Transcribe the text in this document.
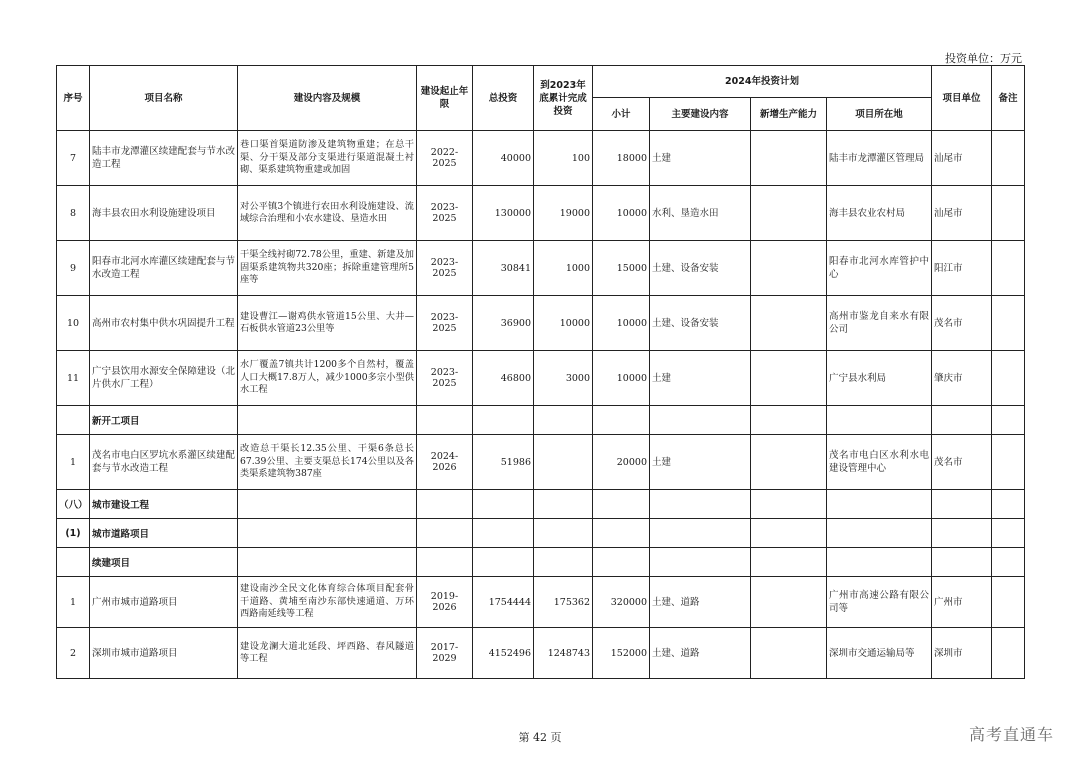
投资单位：万元
序号	项目名称	建设内容及规模	建设起止年限	总投资	到2023年底累计完成投资	2024年投资计划				项目单位	备注
						小计	主要建设内容	新增生产能力	项目所在地		
7	陆丰市龙潭灌区续建配套与节水改造工程	巷口渠首渠道防渗及建筑物重建；在总干渠、分干渠及部分支渠进行渠道混凝土衬砌、渠系建筑物重建或加固	2022-2025	40000	100	18000	土建		陆丰市龙潭灌区管理局	汕尾市	
8	海丰县农田水利设施建设项目	对公平镇3个镇进行农田水利设施建设、流域综合治理和小农水建设、垦造水田	2023-2025	130000	19000	10000	水利、垦造水田		海丰县农业农村局	汕尾市	
9	阳春市北河水库灌区续建配套与节水改造工程	干渠全线衬砌72.78公里，重建、新建及加固渠系建筑物共320座；拆除重建管理所5座等	2023-2025	30841	1000	15000	土建、设备安装		阳春市北河水库管护中心	阳江市	
10	高州市农村集中供水巩固提升工程	建设曹江—谢鸡供水管道15公里、大井—石板供水管道23公里等	2023-2025	36900	10000	10000	土建、设备安装		高州市鉴龙自来水有限公司	茂名市	
11	广宁县饮用水源安全保障建设（北片供水厂工程）	水厂覆盖7镇共计1200多个自然村，覆盖人口大概17.8万人，减少1000多宗小型供水工程	2023-2025	46800	3000	10000	土建		广宁县水利局	肇庆市	
	新开工项目										
1	茂名市电白区罗坑水系灌区续建配套与节水改造工程	改造总干渠长12.35公里、干渠6条总长67.39公里、主要支渠总长174公里以及各类渠系建筑物387座	2024-2026	51986		20000	土建		茂名市电白区水利水电建设管理中心	茂名市	
（八）	城市建设工程										
(1)	城市道路项目										
	续建项目										
1	广州市城市道路项目	建设南沙全民文化体育综合体项目配套骨干道路、黄埔至南沙东部快速通道、万环西路南延线等工程	2019-2026	1754444	175362	320000	土建、道路		广州市高速公路有限公司等	广州市	
2	深圳市城市道路项目	建设龙澜大道北延段、坪西路、春风隧道等工程	2017-2029	4152496	1248743	152000	土建、道路		深圳市交通运输局等	深圳市	
第 42 页	高考直通车
